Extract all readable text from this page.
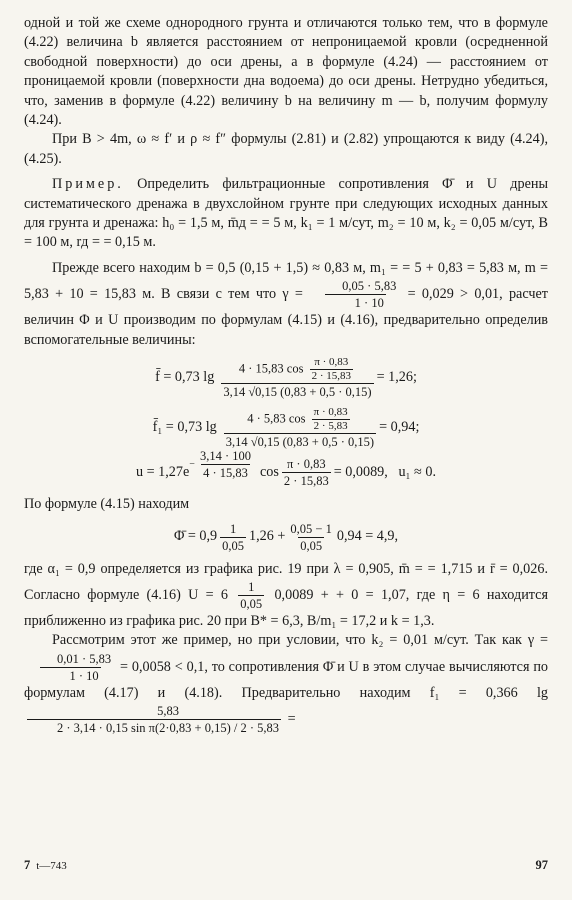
одной и той же схеме однородного грунта и отличаются только тем, что в формуле (4.22) величина b является расстоянием от непроницаемой кровли (осредненной свободной поверхности) до оси дрены, а в формуле (4.24) — расстоянием от проницаемой кровли (поверхности дна водоема) до оси дрены. Нетрудно убедиться, что, заменив в формуле (4.22) величину b на величину m — b, получим формулу (4.24).

При B > 4m, ω ≈ f′ и ρ ≈ f″ формулы (2.81) и (2.82) упрощаются к виду (4.24), (4.25).

Пример. Определить фильтрационные сопротивления Φ̄ и U дрены систематического дренажа в двухслойном грунте при следующих исходных данных для грунта и дренажа: h₀ = 1,5 м, m̄д = = 5 м, k₁ = 1 м/сут, m₂ = 10 м, k₂ = 0,05 м/сут, B = 100 м, rд = = 0,15 м.

Прежде всего находим b = 0,5 (0,15 + 1,5) ≈ 0,83 м, m₁ = = 5 + 0,83 = 5,83 м, m = 5,83 + 10 = 15,83 м. В связи с тем что $\gamma = \frac{0,05 \cdot 5,83}{1 \cdot 10} = 0,029 > 0,01$, расчет величин Φ и U производим по формулам (4.15) и (4.16), предварительно определив вспомогательные величины:

f̄ = 0,73 lg
4 · 15,83 $\cos \frac{\pi \cdot 0,83}{2 \cdot 15,83}$
3,14 √0,15 (0,83 + 0,5 · 0,15)
= 1,26;
f̄₁ = 0,73 $\lg \frac{4 \cdot 5,83 \cos \frac{\pi \cdot 0,83}{2 \cdot 5,83}}{3,14 √0,15 (0,83 + 0,5 \cdot 0,15)} = 0,94$;
u = 1,27e $^{- \frac{3,14 \cdot 100}{4 \cdot 15,83}}$ $\cos \frac{\pi \cdot 0,83}{2 \cdot 15,83} = 0,0089$,   u₁ ≈ 0.

По формуле (4.15) находим

Φ̄ = $0,9 \frac{1}{0,05} 1,26 + \frac{0,05 - 1}{0,05} 0,94 = 4,9$,

где α₁ = 0,9 определяется из графика рис. 19 при λ = 0,905, m̄ = = 1,715 и r̄ = 0,026. Согласно формуле (4.16) $U = 6 \frac{1}{0,05} 0,0089$ + + 0 = 1,07, где η = 6 находится приближенно из графика рис. 20 при B* = 6,3, B/m₁ = 17,2 и k = 1,3.

Рассмотрим этот же пример, но при условии, что k₂ = 0,01 м/сут. Так как γ =
$\frac{0,01 \cdot 5,83}{1 \cdot 10} = 0,0058 < 0,1$, то сопротивления Φ̄ и U в этом случае вычисляются по формулам (4.17) и (4.18). Предварительно находим f₁ = 0,366 lg
$\frac{5,83}{\text{2 · 3,14 · 0,15 sin π(2·0,83 + 0,15) / 2 · 5,83}}$ =

7 t—743	97
